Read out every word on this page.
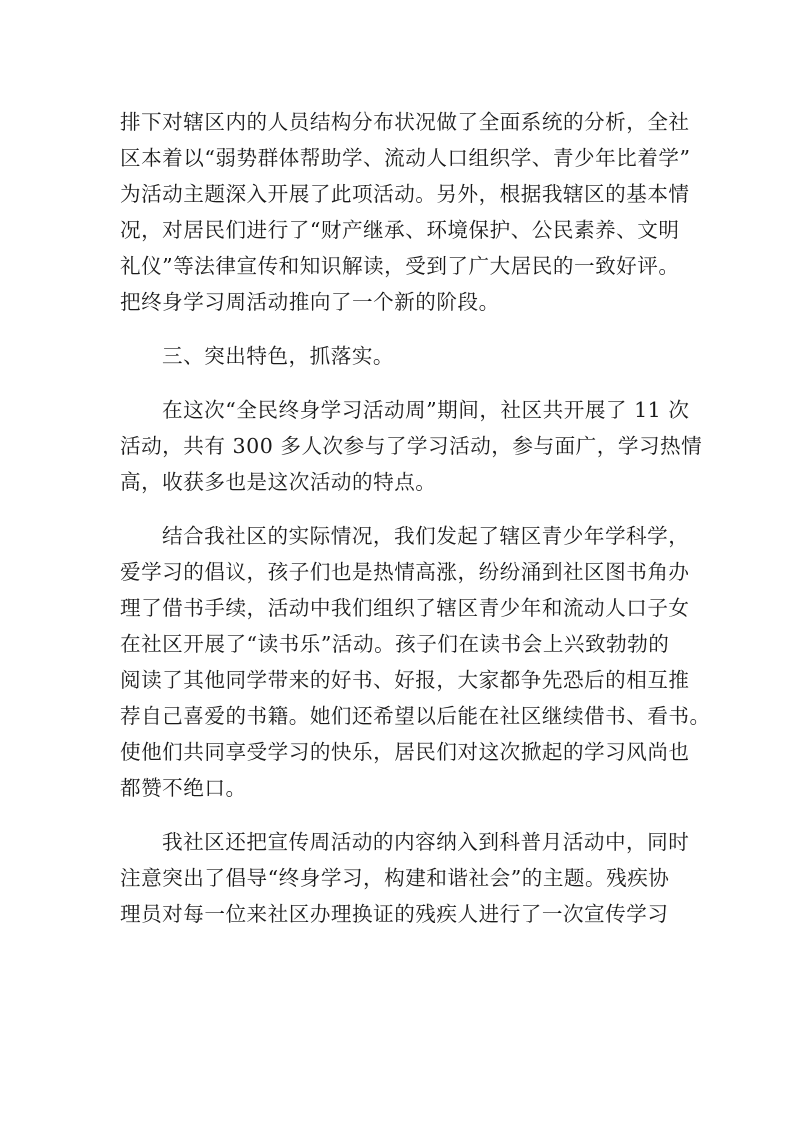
排下对辖区内的人员结构分布状况做了全面系统的分析，全社
区本着以“弱势群体帮助学、流动人口组织学、青少年比着学”
为活动主题深入开展了此项活动。另外，根据我辖区的基本情
况，对居民们进行了“财产继承、环境保护、公民素养、文明
礼仪”等法律宣传和知识解读，受到了广大居民的一致好评。
把终身学习周活动推向了一个新的阶段。
三、突出特色，抓落实。
在这次“全民终身学习活动周”期间，社区共开展了 11 次
活动，共有 300 多人次参与了学习活动，参与面广，学习热情
高，收获多也是这次活动的特点。
结合我社区的实际情况，我们发起了辖区青少年学科学，
爱学习的倡议，孩子们也是热情高涨，纷纷涌到社区图书角办
理了借书手续，活动中我们组织了辖区青少年和流动人口子女
在社区开展了“读书乐”活动。孩子们在读书会上兴致勃勃的
阅读了其他同学带来的好书、好报，大家都争先恐后的相互推
荐自己喜爱的书籍。她们还希望以后能在社区继续借书、看书。
使他们共同享受学习的快乐，居民们对这次掀起的学习风尚也
都赞不绝口。
我社区还把宣传周活动的内容纳入到科普月活动中，同时
注意突出了倡导“终身学习，构建和谐社会”的主题。残疾协
理员对每一位来社区办理换证的残疾人进行了一次宣传学习
